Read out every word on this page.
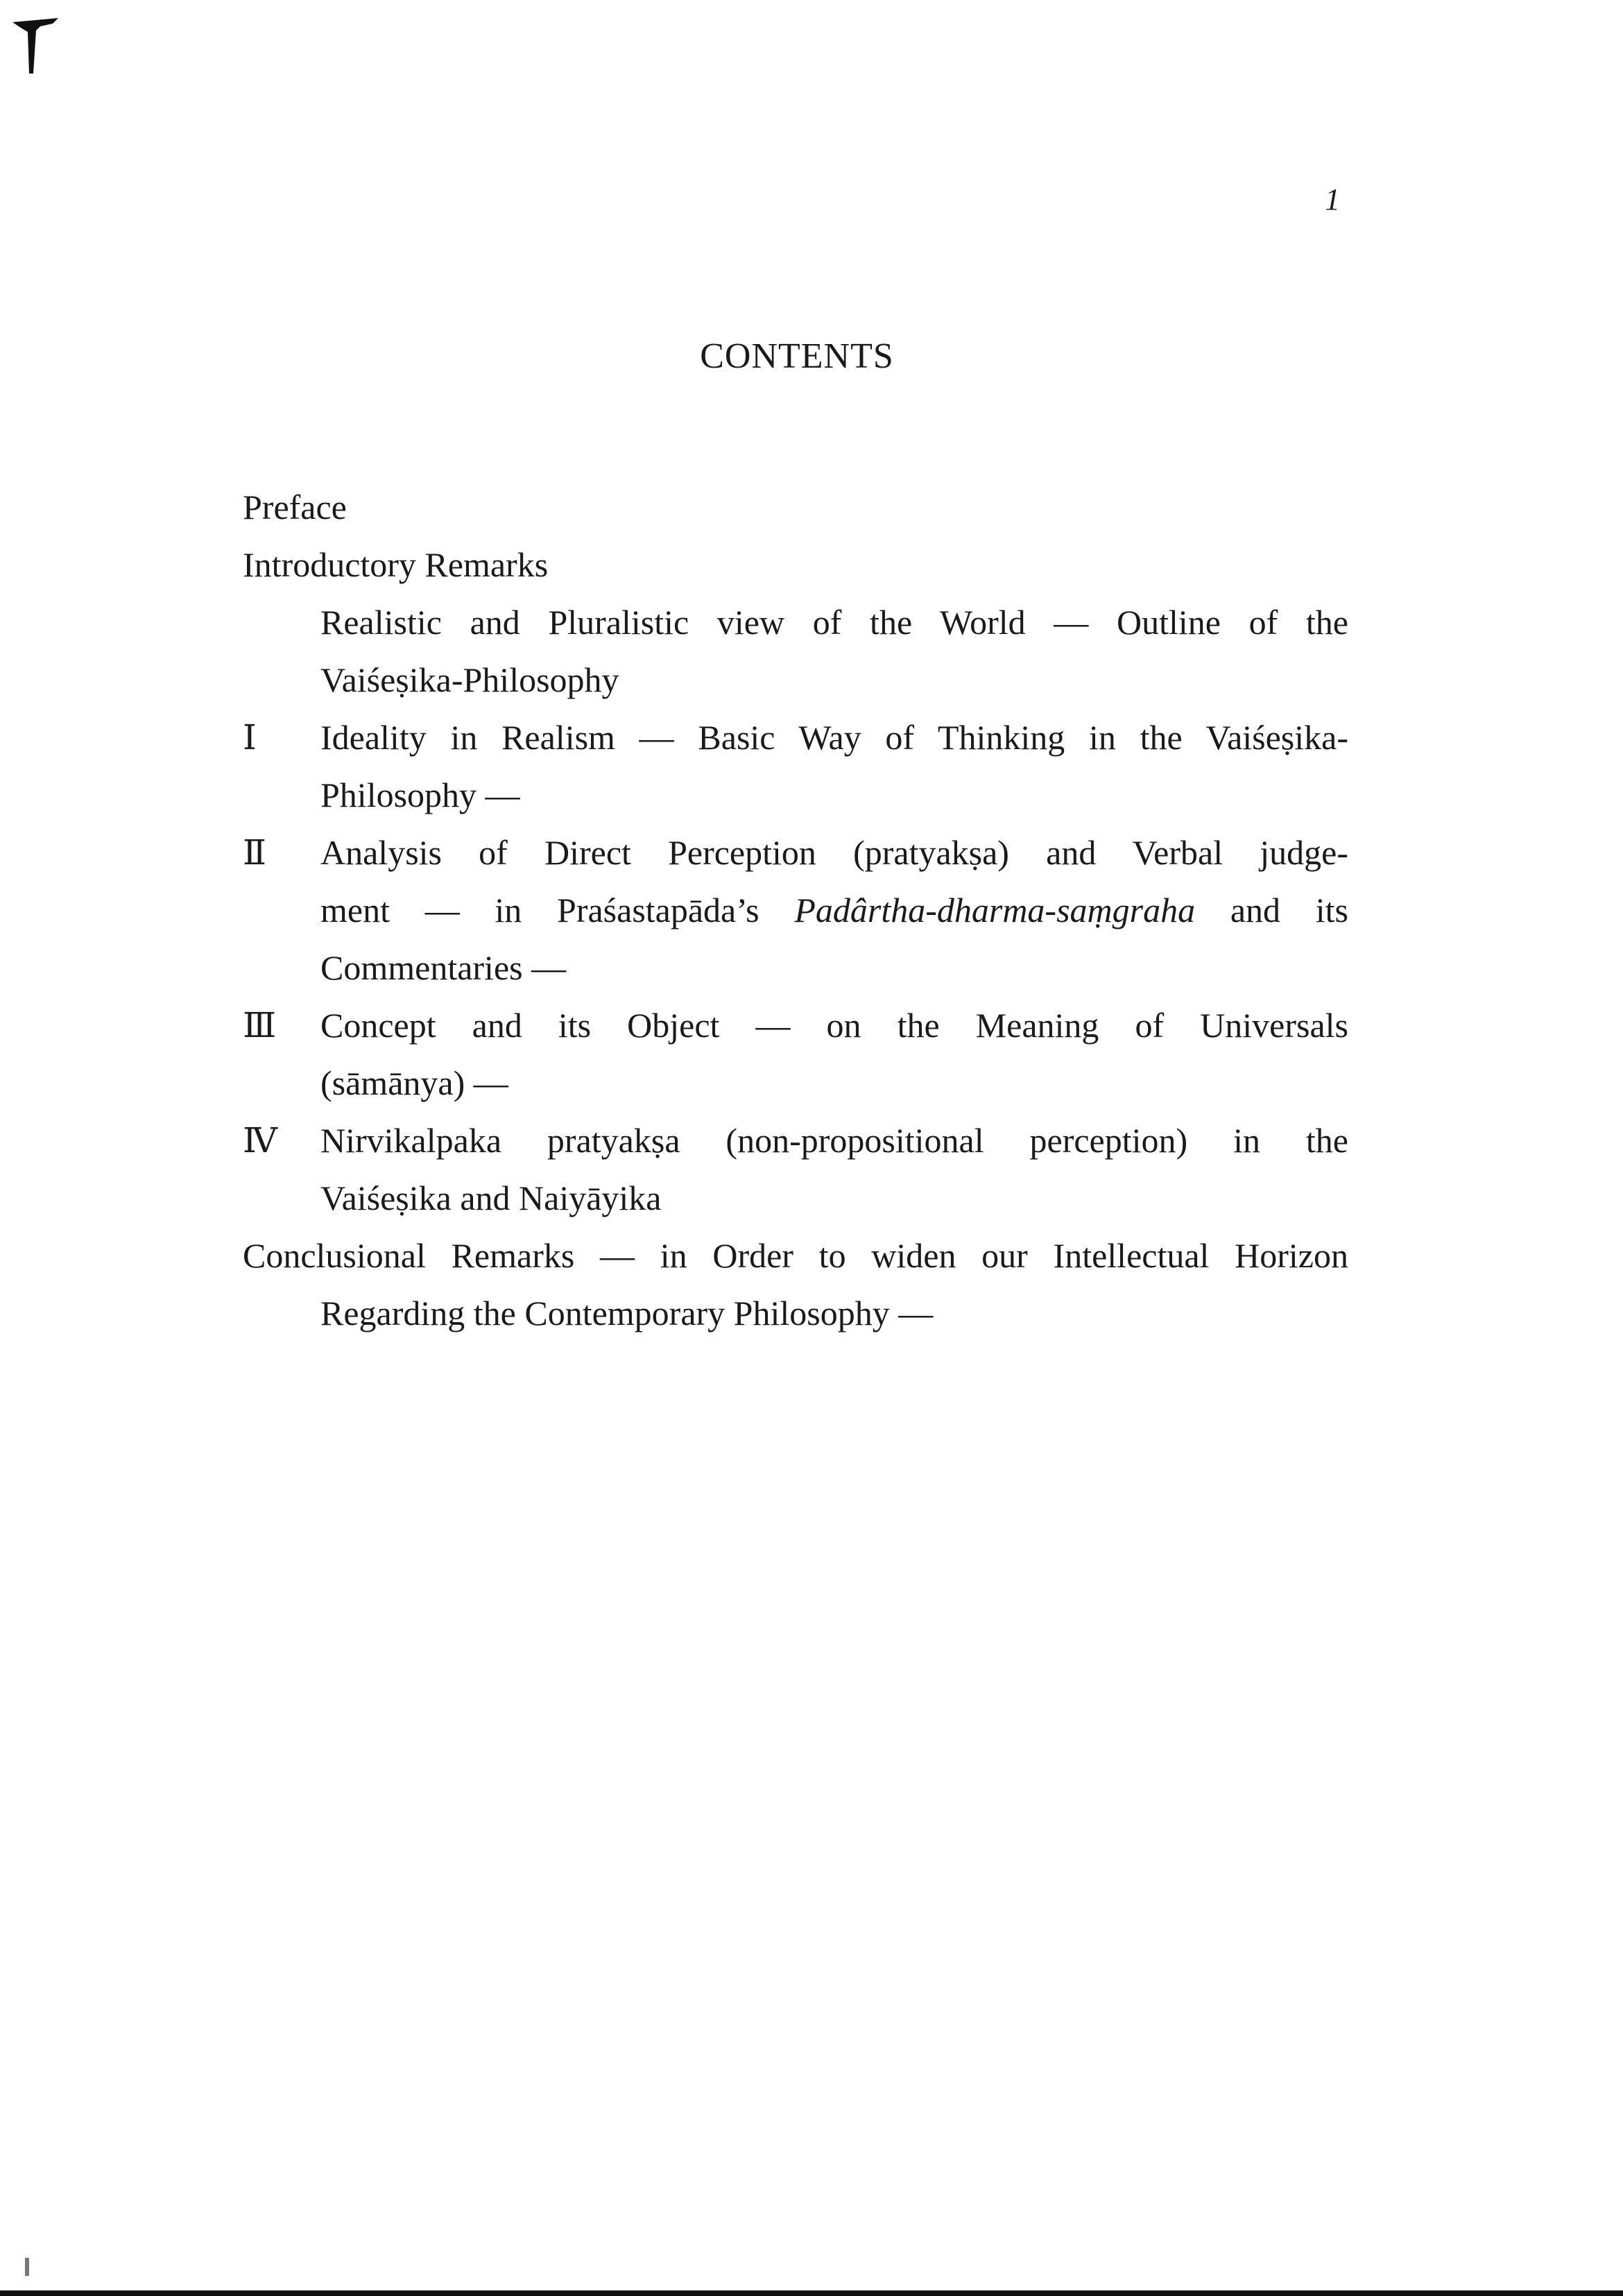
1
CONTENTS
Preface
Introductory Remarks
Realistic and Pluralistic view of the World — Outline of the
Vaiśeṣika-Philosophy
Ⅰ	Ideality in Realism — Basic Way of Thinking in the Vaiśeṣika-
Philosophy —
Ⅱ	Analysis of Direct Perception (pratyakṣa) and Verbal judge-
ment — in Praśastapāda’s Padârtha-dharma-saṃgraha and its
Commentaries —
Ⅲ	Concept and its Object — on the Meaning of Universals
(sāmānya) —
Ⅳ	Nirvikalpaka pratyakṣa (non-propositional perception) in the
Vaiśeṣika and Naiyāyika
Conclusional Remarks — in Order to widen our Intellectual Horizon
Regarding the Contemporary Philosophy —
